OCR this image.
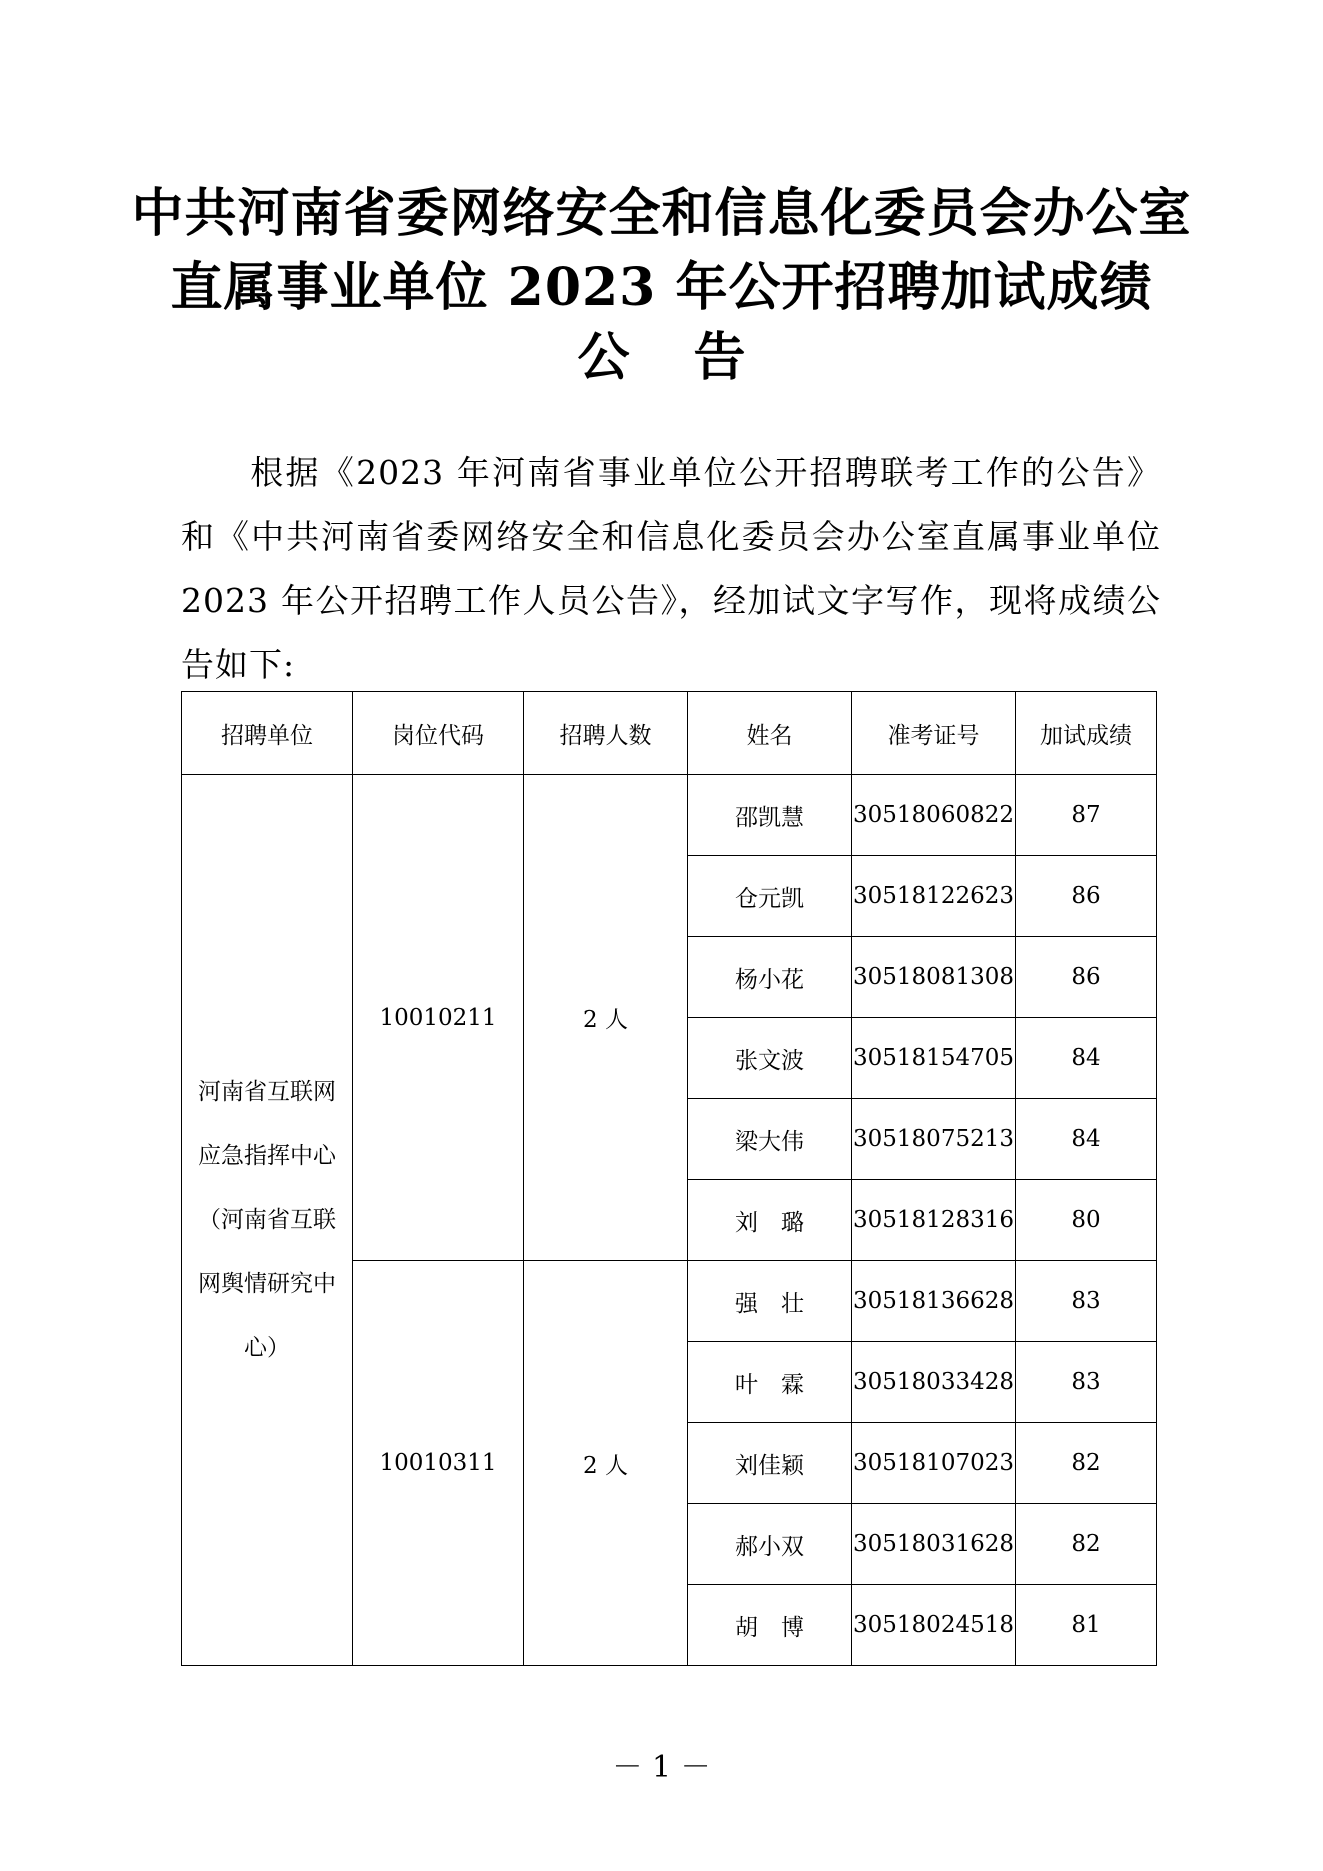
中共河南省委网络安全和信息化委员会办公室
直属事业单位 2023 年公开招聘加试成绩
公告
根据《2023 年河南省事业单位公开招聘联考工作的公告》和《中共河南省委网络安全和信息化委员会办公室直属事业单位 2023 年公开招聘工作人员公告》，经加试文字写作，现将成绩公告如下:
招聘单位	岗位代码	招聘人数	姓名	准考证号	加试成绩
河南省互联网应急指挥中心（河南省互联网舆情研究中心）	10010211	2 人	邵凯慧	30518060822	87
			仓元凯	30518122623	86
			杨小花	30518081308	86
			张文波	30518154705	84
			梁大伟	30518075213	84
			刘　璐	30518128316	80
	10010311	2 人	强　壮	30518136628	83
			叶　霖	30518033428	83
			刘佳颖	30518107023	82
			郝小双	30518031628	82
			胡　博	30518024518	81
－ 1 －
